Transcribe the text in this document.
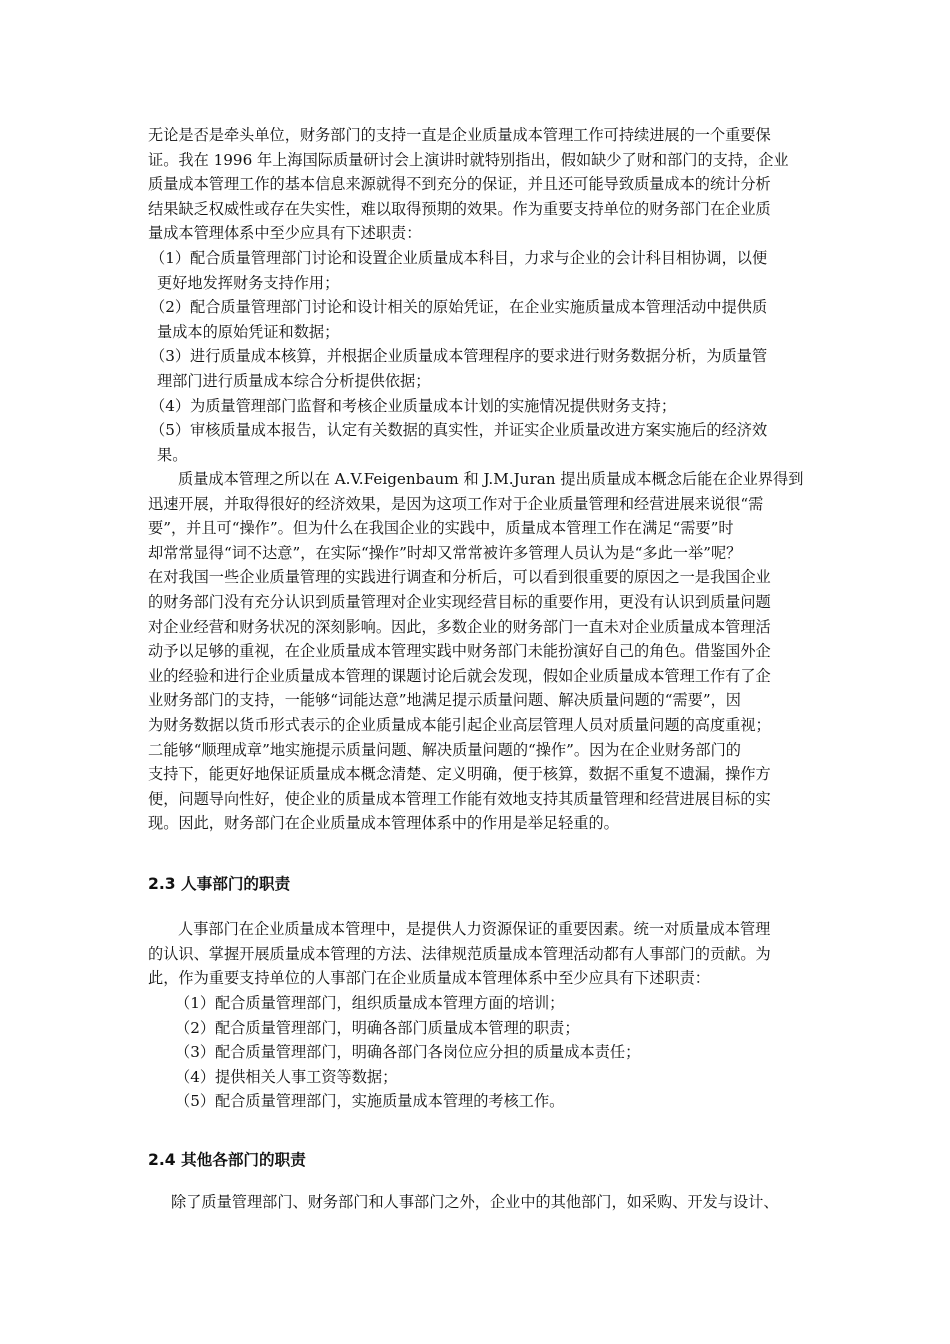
无论是否是牵头单位，财务部门的支持一直是企业质量成本管理工作可持续进展的一个重要保
证。我在 1996 年上海国际质量研讨会上演讲时就特别指出，假如缺少了财和部门的支持，企业
质量成本管理工作的基本信息来源就得不到充分的保证，并且还可能导致质量成本的统计分析
结果缺乏权威性或存在失实性，难以取得预期的效果。作为重要支持单位的财务部门在企业质
量成本管理体系中至少应具有下述职责：
（1）配合质量管理部门讨论和设置企业质量成本科目，力求与企业的会计科目相协调，以便
更好地发挥财务支持作用；
（2）配合质量管理部门讨论和设计相关的原始凭证，在企业实施质量成本管理活动中提供质
量成本的原始凭证和数据；
（3）进行质量成本核算，并根据企业质量成本管理程序的要求进行财务数据分析，为质量管
理部门进行质量成本综合分析提供依据；
（4）为质量管理部门监督和考核企业质量成本计划的实施情况提供财务支持；
（5）审核质量成本报告，认定有关数据的真实性，并证实企业质量改进方案实施后的经济效
果。
质量成本管理之所以在 A.V.Feigenbaum 和 J.M.Juran 提出质量成本概念后能在企业界得到
迅速开展，并取得很好的经济效果，是因为这项工作对于企业质量管理和经营进展来说很“需
要”，并且可“操作”。但为什么在我国企业的实践中，质量成本管理工作在满足“需要”时
却常常显得“词不达意”，在实际“操作”时却又常常被许多管理人员认为是“多此一举”呢？
在对我国一些企业质量管理的实践进行调查和分析后，可以看到很重要的原因之一是我国企业
的财务部门没有充分认识到质量管理对企业实现经营目标的重要作用，更没有认识到质量问题
对企业经营和财务状况的深刻影响。因此，多数企业的财务部门一直未对企业质量成本管理活
动予以足够的重视，在企业质量成本管理实践中财务部门未能扮演好自己的角色。借鉴国外企
业的经验和进行企业质量成本管理的课题讨论后就会发现，假如企业质量成本管理工作有了企
业财务部门的支持，一能够“词能达意”地满足提示质量问题、解决质量问题的“需要”，因
为财务数据以货币形式表示的企业质量成本能引起企业高层管理人员对质量问题的高度重视；
二能够“顺理成章”地实施提示质量问题、解决质量问题的“操作”。因为在企业财务部门的
支持下，能更好地保证质量成本概念清楚、定义明确，便于核算，数据不重复不遗漏，操作方
便，问题导向性好，使企业的质量成本管理工作能有效地支持其质量管理和经营进展目标的实
现。因此，财务部门在企业质量成本管理体系中的作用是举足轻重的。
2.3 人事部门的职责
人事部门在企业质量成本管理中，是提供人力资源保证的重要因素。统一对质量成本管理
的认识、掌握开展质量成本管理的方法、法律规范质量成本管理活动都有人事部门的贡献。为
此，作为重要支持单位的人事部门在企业质量成本管理体系中至少应具有下述职责：
（1）配合质量管理部门，组织质量成本管理方面的培训；
（2）配合质量管理部门，明确各部门质量成本管理的职责；
（3）配合质量管理部门，明确各部门各岗位应分担的质量成本责任；
（4）提供相关人事工资等数据；
（5）配合质量管理部门，实施质量成本管理的考核工作。
2.4 其他各部门的职责
除了质量管理部门、财务部门和人事部门之外，企业中的其他部门，如采购、开发与设计、
